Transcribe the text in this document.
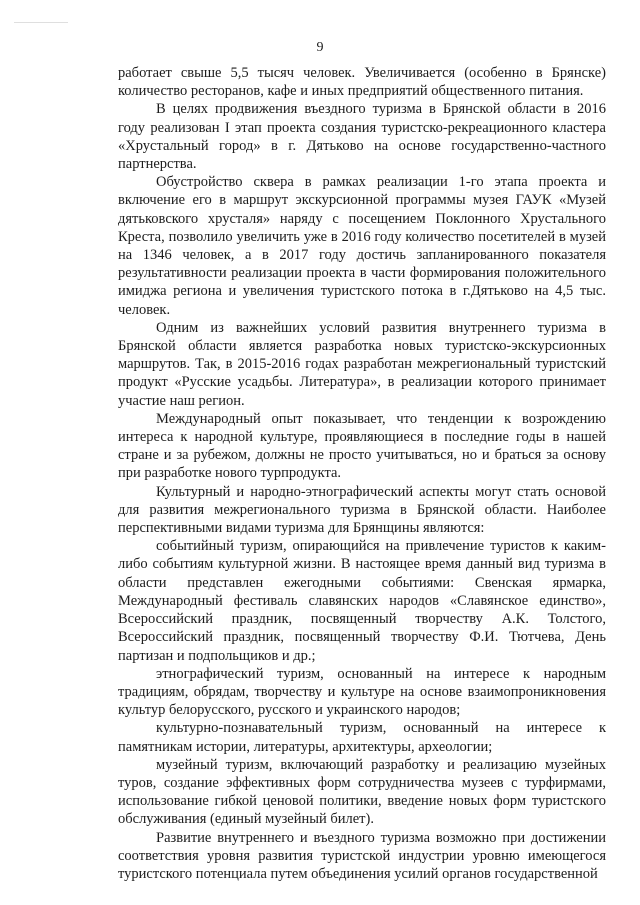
9

работает свыше 5,5 тысяч человек. Увеличивается (особенно в Брянске) количество ресторанов, кафе и иных предприятий общественного питания.

В целях продвижения въездного туризма в Брянской области в 2016 году реализован I этап проекта создания туристско-рекреационного кластера «Хрустальный город» в г. Дятьково на основе государственно-частного партнерства.

Обустройство сквера в рамках реализации 1-го этапа проекта и включение его в маршрут экскурсионной программы музея ГАУК «Музей дятьковского хрусталя» наряду с посещением Поклонного Хрустального Креста, позволило увеличить уже в 2016 году количество посетителей в музей на 1346 человек, а в 2017 году достичь запланированного показателя результативности реализации проекта в части формирования положительного имиджа региона и увеличения туристского потока в г.Дятьково на 4,5 тыс. человек.

Одним из важнейших условий развития внутреннего туризма в Брянской области является разработка новых туристско-экскурсионных маршрутов. Так, в 2015-2016 годах разработан межрегиональный туристский продукт «Русские усадьбы. Литература», в реализации которого принимает участие наш регион.

Международный опыт показывает, что тенденции к возрождению интереса к народной культуре, проявляющиеся в последние годы в нашей стране и за рубежом, должны не просто учитываться, но и браться за основу при разработке нового турпродукта.

Культурный и народно-этнографический аспекты могут стать основой для развития межрегионального туризма в Брянской области. Наиболее перспективными видами туризма для Брянщины являются:

событийный туризм, опирающийся на привлечение туристов к каким-либо событиям культурной жизни. В настоящее время данный вид туризма в области представлен ежегодными событиями: Свенская ярмарка, Международный фестиваль славянских народов «Славянское единство», Всероссийский праздник, посвященный творчеству А.К. Толстого, Всероссийский праздник, посвященный творчеству Ф.И. Тютчева, День партизан и подпольщиков и др.;

этнографический туризм, основанный на интересе к народным традициям, обрядам, творчеству и культуре на основе взаимопроникновения культур белорусского, русского и украинского народов;

культурно-познавательный туризм, основанный на интересе к памятникам истории, литературы, архитектуры, археологии;

музейный туризм, включающий разработку и реализацию музейных туров, создание эффективных форм сотрудничества музеев с турфирмами, использование гибкой ценовой политики, введение новых форм туристского обслуживания (единый музейный билет).

Развитие внутреннего и въездного туризма возможно при достижении соответствия уровня развития туристской индустрии уровню имеющегося туристского потенциала путем объединения усилий органов государственной
